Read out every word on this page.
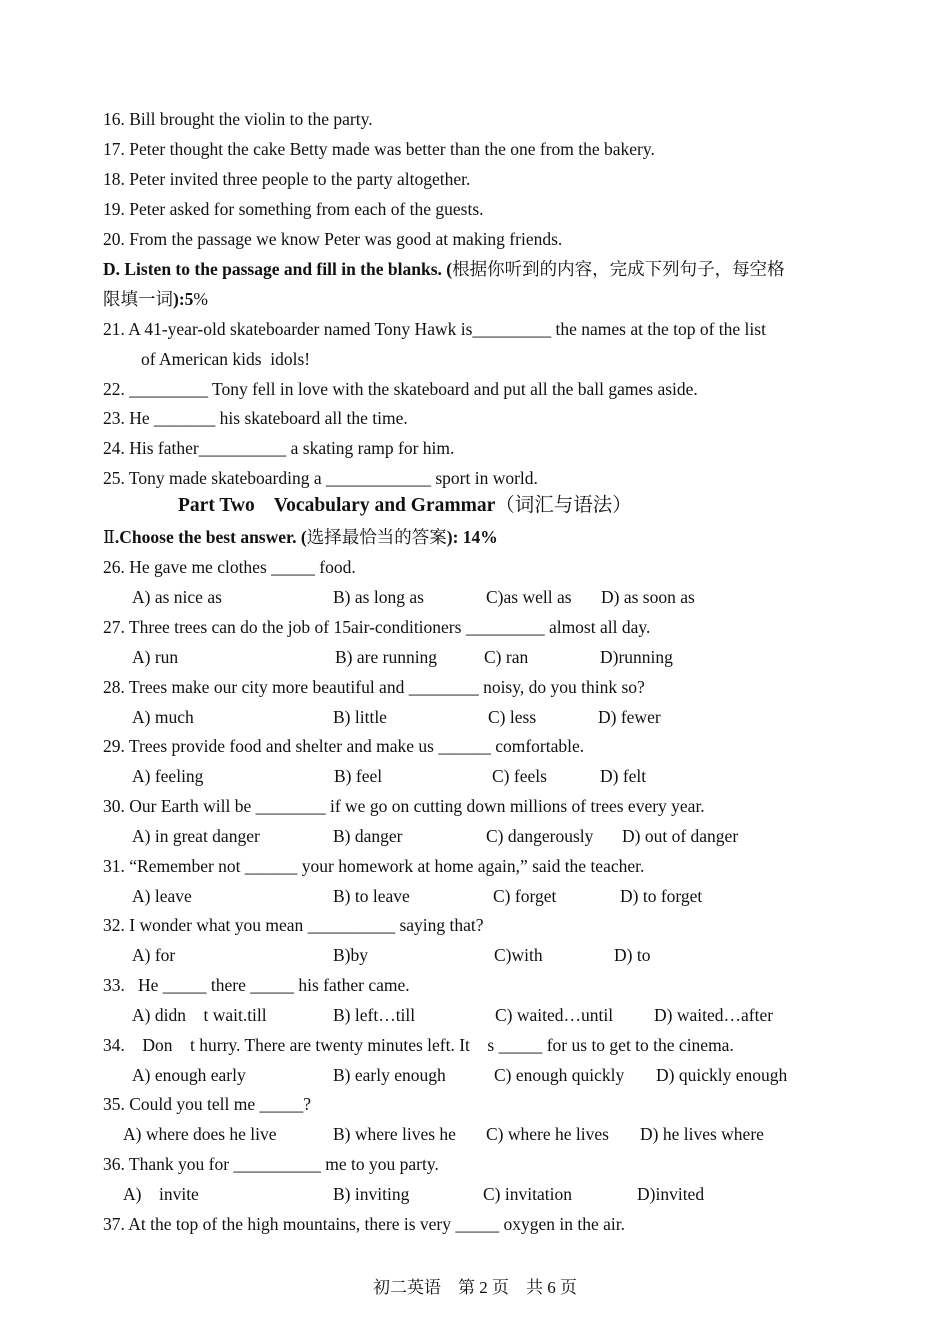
16. Bill brought the violin to the party.
17. Peter thought the cake Betty made was better than the one from the bakery.
18. Peter invited three people to the party altogether.
19. Peter asked for something from each of the guests.
20. From the passage we know Peter was good at making friends.
D. Listen to the passage and fill in the blanks. (根据你听到的内容，完成下列句子，每空格
限填一词):5%
21. A 41-year-old skateboarder named Tony Hawk is_________ the names at the top of the list
of American kids  idols!
22. _________ Tony fell in love with the skateboard and put all the ball games aside.
23. He _______ his skateboard all the time.
24. His father__________ a skating ramp for him.
25. Tony made skateboarding a ____________ sport in world.
Part Two    Vocabulary and Grammar（词汇与语法）
Ⅱ.Choose the best answer. (选择最恰当的答案): 14%
26. He gave me clothes _____ food.
A) as nice as	B) as long as	C)as well as D) as soon as
27. Three trees can do the job of 15air-conditioners _________ almost all day.
A) run	B) are running	C) ran	D)running
28. Trees make our city more beautiful and ________ noisy, do you think so?
A) much	B) little	C) less	D) fewer
29. Trees provide food and shelter and make us ______ comfortable.
A) feeling	B) feel	C) feels	D) felt
30. Our Earth will be ________ if we go on cutting down millions of trees every year.
A) in great danger	B) danger	C) dangerously D) out of danger
31. “Remember not ______ your homework at home again,” said the teacher.
A) leave	B) to leave	C) forget	D) to forget
32. I wonder what you mean __________ saying that?
A) for	B)by	C)with	D) to
33.   He _____ there _____ his father came.
A) didn    t wait.till	B) left…till	C) waited…until D) waited…after
34.    Don    t hurry. There are twenty minutes left. It    s _____ for us to get to the cinema.
A) enough early	B) early enough	C) enough quickly D) quickly enough
35. Could you tell me _____?
A) where does he live	B) where lives he C) where he lives D) he lives where
36. Thank you for __________ me to you party.
A)    invite	B) inviting	C) invitation	D)invited
37. At the top of the high mountains, there is very _____ oxygen in the air.
初二英语    第 2 页    共 6 页
